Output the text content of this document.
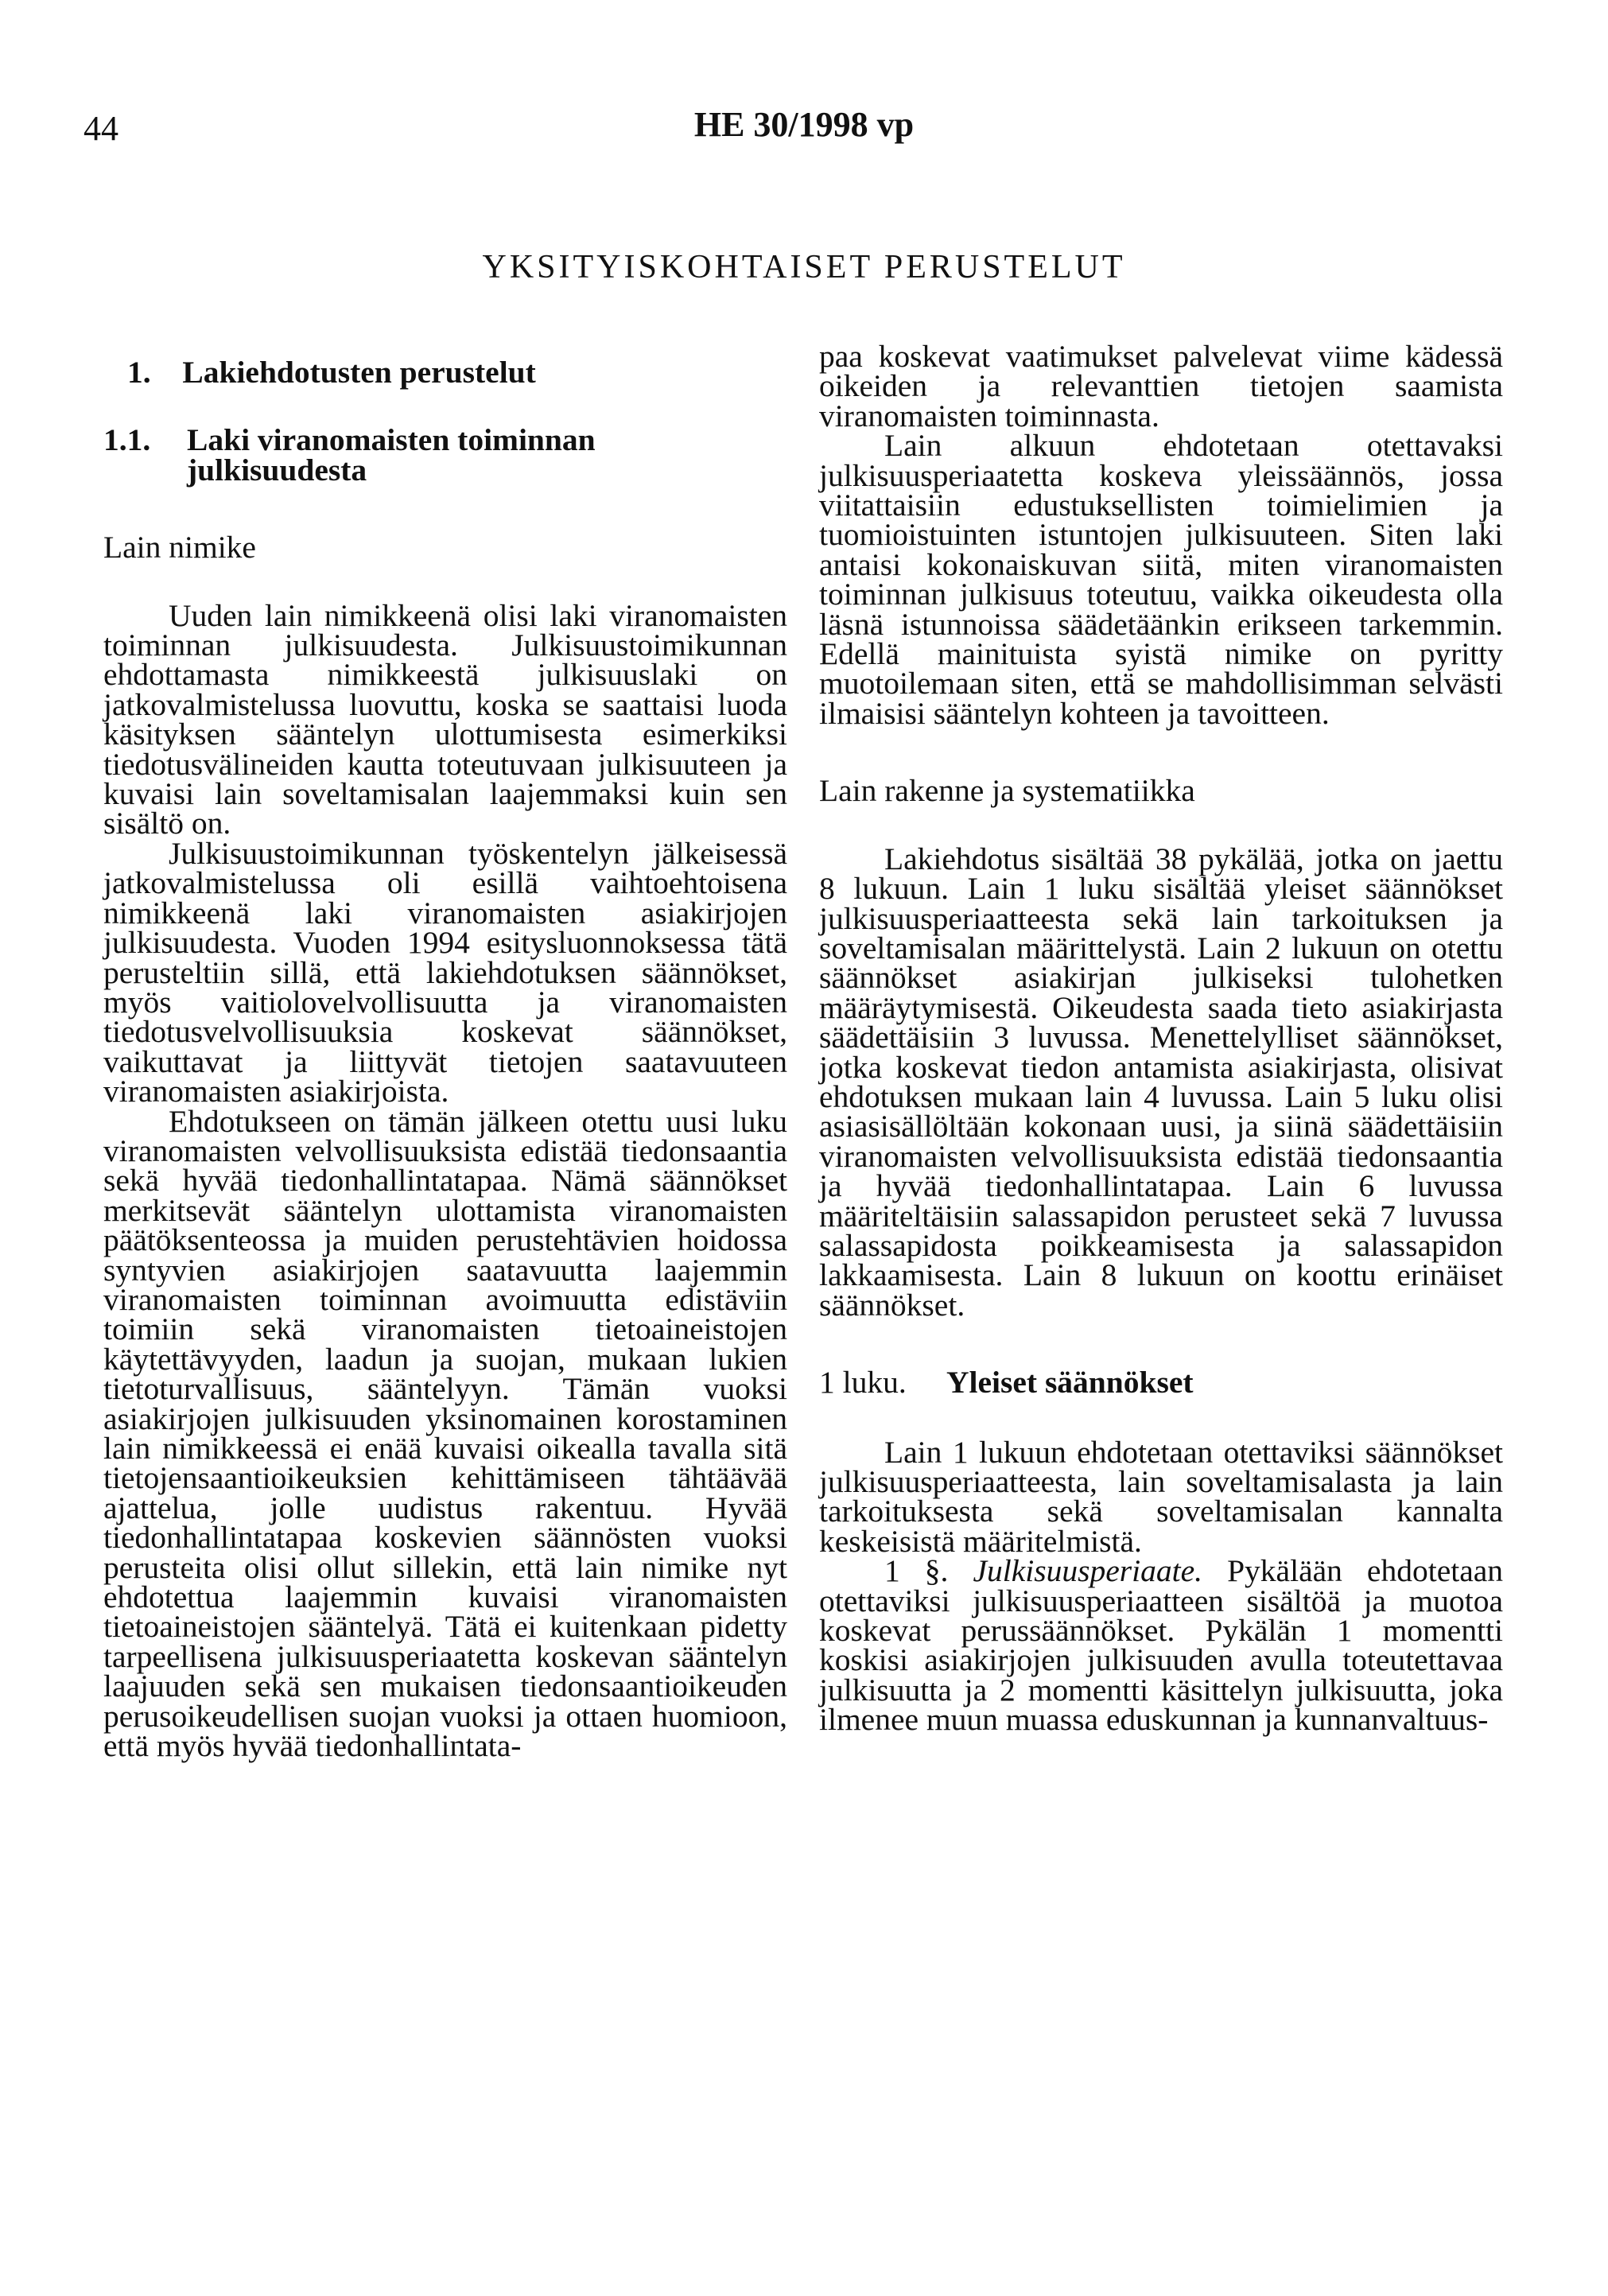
44	HE 30/1998 vp
YKSITYISKOHTAISET PERUSTELUT
1. Lakiehdotusten perustelut
1.1. Laki viranomaisten toiminnan
julkisuudesta
Lain nimike

Uuden lain nimikkeenä olisi laki viranomaisten toiminnan julkisuudesta. Julkisuustoimikunnan ehdottamasta nimikkeestä julkisuuslaki on jatkovalmistelussa luovuttu, koska se saattaisi luoda käsityksen sääntelyn ulottumisesta esimerkiksi tiedotusvälineiden kautta toteutuvaan julkisuuteen ja kuvaisi lain soveltamisalan laajemmaksi kuin sen sisältö on.

Julkisuustoimikunnan työskentelyn jälkeisessä jatkovalmistelussa oli esillä vaihtoehtoisena nimikkeenä laki viranomaisten asiakirjojen julkisuudesta. Vuoden 1994 esitysluonnoksessa tätä perusteltiin sillä, että lakiehdotuksen säännökset, myös vaitiolovelvollisuutta ja viranomaisten tiedotusvelvollisuuksia koskevat säännökset, vaikuttavat ja liittyvät tietojen saatavuuteen viranomaisten asiakirjoista.

Ehdotukseen on tämän jälkeen otettu uusi luku viranomaisten velvollisuuksista edistää tiedonsaantia sekä hyvää tiedonhallintatapaa. Nämä säännökset merkitsevät sääntelyn ulottamista viranomaisten päätöksenteossa ja muiden perustehtävien hoidossa syntyvien asiakirjojen saatavuutta laajemmin viranomaisten toiminnan avoimuutta edistäviin toimiin sekä viranomaisten tietoaineistojen käytettävyyden, laadun ja suojan, mukaan lukien tietoturvallisuus, sääntelyyn. Tämän vuoksi asiakirjojen julkisuuden yksinomainen korostaminen lain nimikkeessä ei enää kuvaisi oikealla tavalla sitä tietojensaantioikeuksien kehittämiseen tähtäävää ajattelua, jolle uudistus rakentuu. Hyvää tiedonhallintatapaa koskevien säännösten vuoksi perusteita olisi ollut sillekin, että lain nimike nyt ehdotettua laajemmin kuvaisi viranomaisten tietoaineistojen sääntelyä. Tätä ei kuitenkaan pidetty tarpeellisena julkisuusperiaatetta koskevan sääntelyn laajuuden sekä sen mukaisen tiedonsaantioikeuden perusoikeudellisen suojan vuoksi ja ottaen huomioon, että myös hyvää tiedonhallintata-

paa koskevat vaatimukset palvelevat viime kädessä oikeiden ja relevanttien tietojen saamista viranomaisten toiminnasta.

Lain alkuun ehdotetaan otettavaksi julkisuusperiaatetta koskeva yleissäännös, jossa viitattaisiin edustuksellisten toimielimien ja tuomioistuinten istuntojen julkisuuteen. Siten laki antaisi kokonaiskuvan siitä, miten viranomaisten toiminnan julkisuus toteutuu, vaikka oikeudesta olla läsnä istunnoissa säädetäänkin erikseen tarkemmin. Edellä mainituista syistä nimike on pyritty muotoilemaan siten, että se mahdollisimman selvästi ilmaisisi sääntelyn kohteen ja tavoitteen.

Lain rakenne ja systematiikka

Lakiehdotus sisältää 38 pykälää, jotka on jaettu 8 lukuun. Lain 1 luku sisältää yleiset säännökset julkisuusperiaatteesta sekä lain tarkoituksen ja soveltamisalan määrittelystä. Lain 2 lukuun on otettu säännökset asiakirjan julkiseksi tulohetken määräytymisestä. Oikeudesta saada tieto asiakirjasta säädettäisiin 3 luvussa. Menettelylliset säännökset, jotka koskevat tiedon antamista asiakirjasta, olisivat ehdotuksen mukaan lain 4 luvussa. Lain 5 luku olisi asiasisällöltään kokonaan uusi, ja siinä säädettäisiin viranomaisten velvollisuuksista edistää tiedonsaantia ja hyvää tiedonhallintatapaa. Lain 6 luvussa määriteltäisiin salassapidon perusteet sekä 7 luvussa salassapidosta poikkeamisesta ja salassapidon lakkaamisesta. Lain 8 lukuun on koottu erinäiset säännökset.

1 luku. Yleiset säännökset

Lain 1 lukuun ehdotetaan otettaviksi säännökset julkisuusperiaatteesta, lain soveltamisalasta ja lain tarkoituksesta sekä soveltamisalan kannalta keskeisistä määritelmistä.

1 §. Julkisuusperiaate. Pykälään ehdotetaan otettaviksi julkisuusperiaatteen sisältöä ja muotoa koskevat perussäännökset. Pykälän 1 momentti koskisi asiakirjojen julkisuuden avulla toteutettavaa julkisuutta ja 2 momentti käsittelyn julkisuutta, joka ilmenee muun muassa eduskunnan ja kunnanvaltuus-
